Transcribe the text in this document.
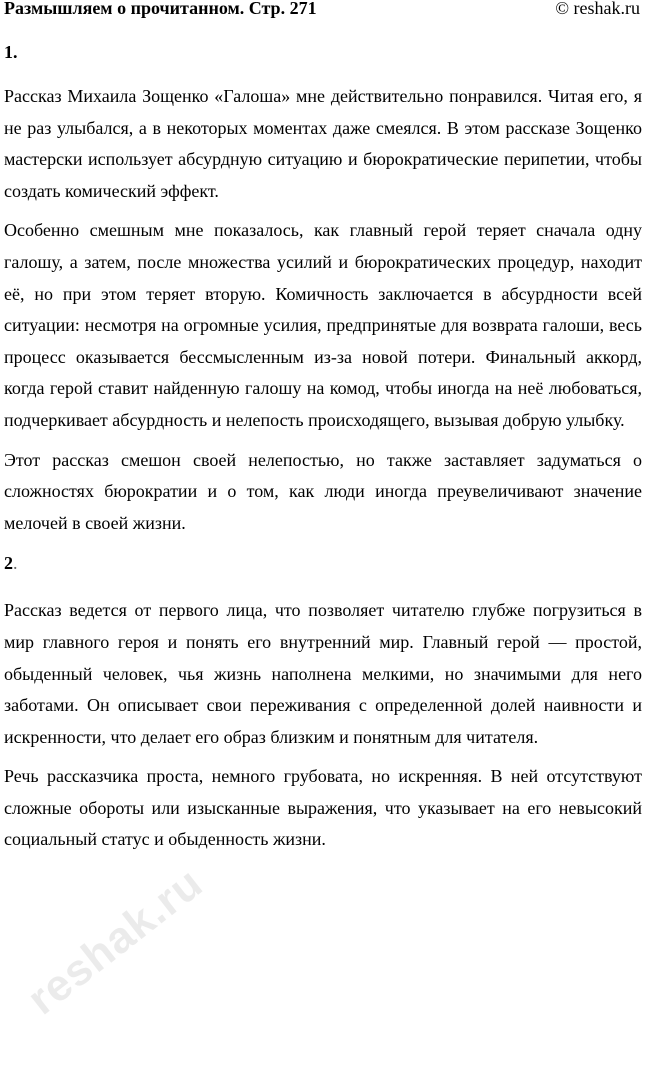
Размышляем о прочитанном. Стр. 271	© reshak.ru
1.

Рассказ Михаила Зощенко «Галоша» мне действительно понравился. Читая его, я не раз улыбался, а в некоторых моментах даже смеялся. В этом рассказе Зощенко мастерски использует абсурдную ситуацию и бюрократические перипетии, чтобы создать комический эффект.

Особенно смешным мне показалось, как главный герой теряет сначала одну галошу, а затем, после множества усилий и бюрократических процедур, находит её, но при этом теряет вторую. Комичность заключается в абсурдности всей ситуации: несмотря на огромные усилия, предпринятые для возврата галоши, весь процесс оказывается бессмысленным из-за новой потери. Финальный аккорд, когда герой ставит найденную галошу на комод, чтобы иногда на неё любоваться, подчеркивает абсурдность и нелепость происходящего, вызывая добрую улыбку.

Этот рассказ смешон своей нелепостью, но также заставляет задуматься о сложностях бюрократии и о том, как люди иногда преувеличивают значение мелочей в своей жизни.

2.

Рассказ ведется от первого лица, что позволяет читателю глубже погрузиться в мир главного героя и понять его внутренний мир. Главный герой — простой, обыденный человек, чья жизнь наполнена мелкими, но значимыми для него заботами. Он описывает свои переживания с определенной долей наивности и искренности, что делает его образ близким и понятным для читателя.

Речь рассказчика проста, немного грубовата, но искренняя. В ней отсутствуют сложные обороты или изысканные выражения, что указывает на его невысокий социальный статус и обыденность жизни.

reshak.ru
